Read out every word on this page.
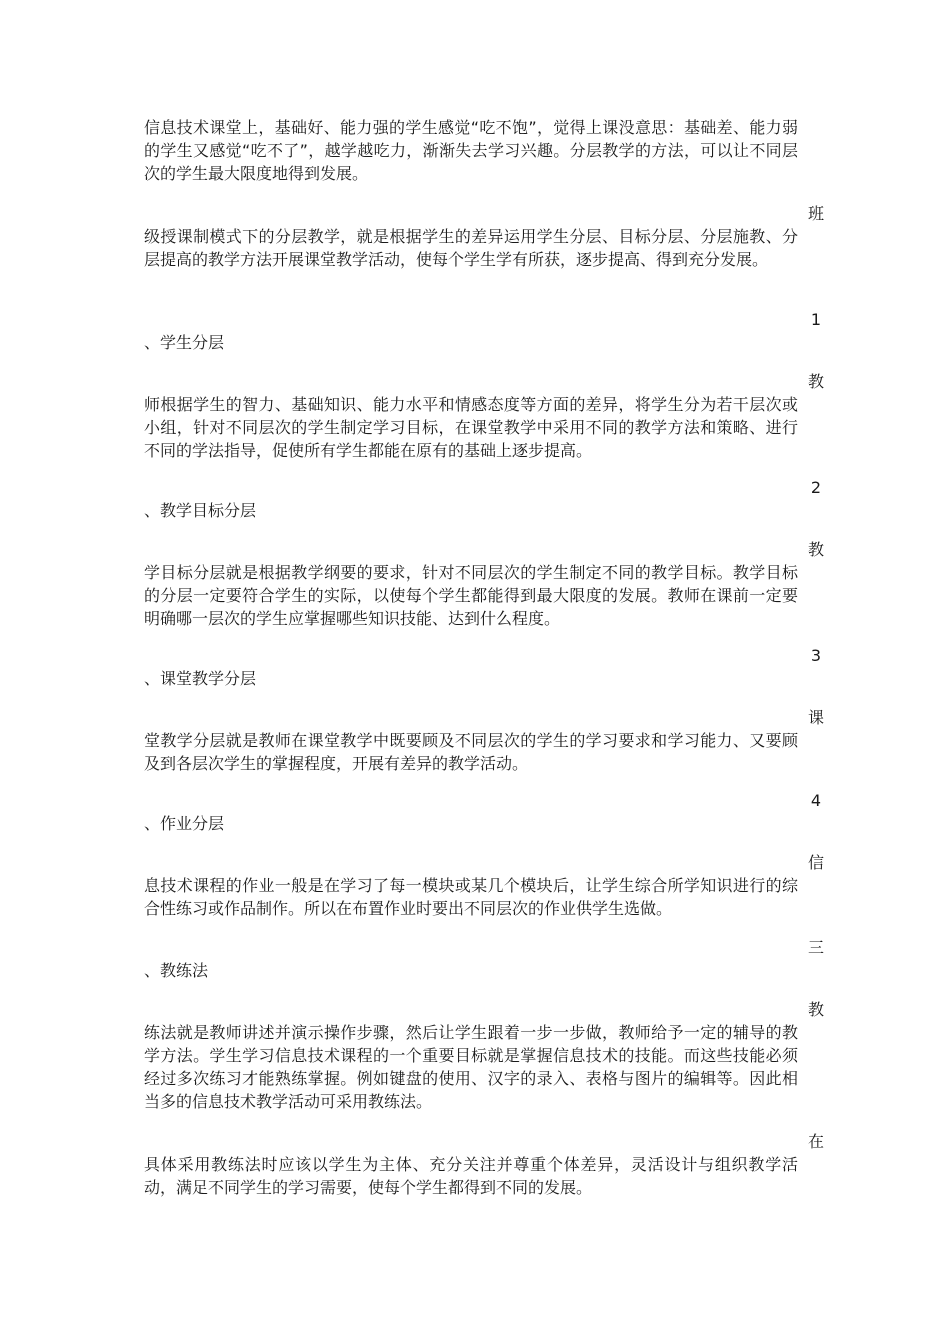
信息技术课堂上，基础好、能力强的学生感觉“吃不饱”，觉得上课没意思：基础差、能力弱的学生又感觉“吃不了”，越学越吃力，渐渐失去学习兴趣。分层教学的方法，可以让不同层次的学生最大限度地得到发展。

班

级授课制模式下的分层教学，就是根据学生的差异运用学生分层、目标分层、分层施教、分层提高的教学方法开展课堂教学活动，使每个学生学有所获，逐步提高、得到充分发展。

1

、学生分层

教

师根据学生的智力、基础知识、能力水平和情感态度等方面的差异，将学生分为若干层次或小组，针对不同层次的学生制定学习目标，在课堂教学中采用不同的教学方法和策略、进行不同的学法指导，促使所有学生都能在原有的基础上逐步提高。

2

、教学目标分层

教

学目标分层就是根据教学纲要的要求，针对不同层次的学生制定不同的教学目标。教学目标的分层一定要符合学生的实际，以使每个学生都能得到最大限度的发展。教师在课前一定要明确哪一层次的学生应掌握哪些知识技能、达到什么程度。

3

、课堂教学分层

课

堂教学分层就是教师在课堂教学中既要顾及不同层次的学生的学习要求和学习能力、又要顾及到各层次学生的掌握程度，开展有差异的教学活动。

4

、作业分层

信

息技术课程的作业一般是在学习了每一模块或某几个模块后，让学生综合所学知识进行的综合性练习或作品制作。所以在布置作业时要出不同层次的作业供学生选做。

三

、教练法

教

练法就是教师讲述并演示操作步骤，然后让学生跟着一步一步做，教师给予一定的辅导的教学方法。学生学习信息技术课程的一个重要目标就是掌握信息技术的技能。而这些技能必须经过多次练习才能熟练掌握。例如键盘的使用、汉字的录入、表格与图片的编辑等。因此相当多的信息技术教学活动可采用教练法。

在

具体采用教练法时应该以学生为主体、充分关注并尊重个体差异，灵活设计与组织教学活动，满足不同学生的学习需要，使每个学生都得到不同的发展。
